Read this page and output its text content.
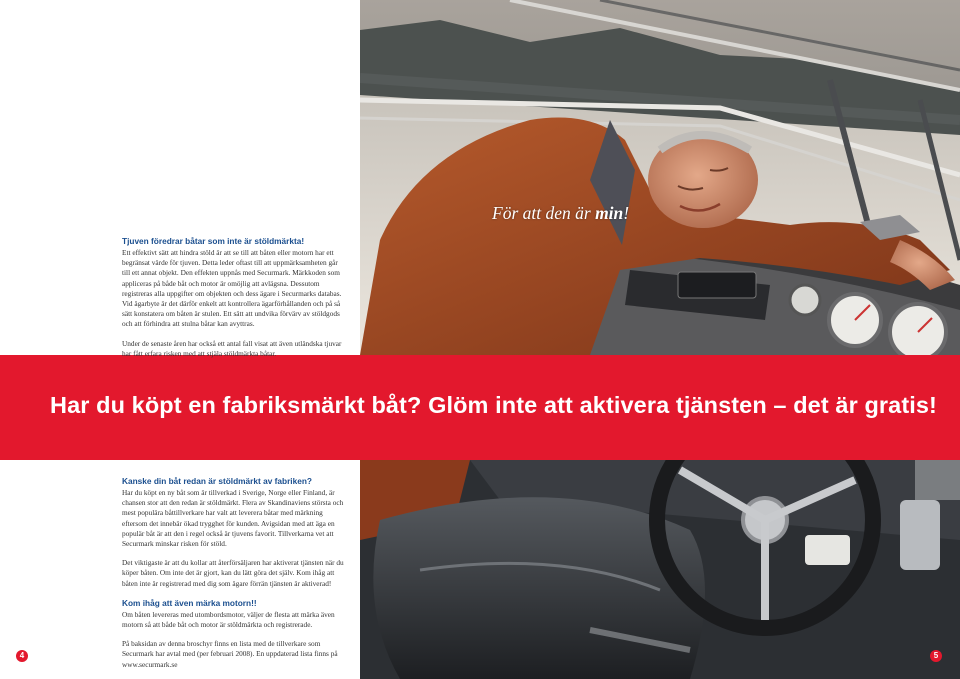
För att den är min!

Har du köpt en fabriksmärkt båt? Glöm inte att aktivera tjänsten – det är gratis!
Tjuven föredrar båtar som inte är stöldmärkta!

Ett effektivt sätt att hindra stöld är att se till att båten eller motorn har ett begränsat värde för tjuven. Detta leder oftast till att uppmärksamheten går till ett annat objekt. Den effekten uppnås med Securmark. Märkkoden som appliceras på både båt och motor är omöjlig att avlägsna. Dessutom registreras alla uppgifter om objekten och dess ägare i Securmarks databas. Vid ägarbyte är det därför enkelt att kontrollera ägarförhållanden och på så sätt konstatera om båten är stulen. Ett sätt att undvika förvärv av stöldgods och att förhindra att stulna båtar kan avyttras.

Under de senaste åren har också ett antal fall visat att även utländska tjuvar har fått erfara risken med att stjäla stöldmärkta båtar.

Kanske din båt redan är stöldmärkt av fabriken?

Har du köpt en ny båt som är tillverkad i Sverige, Norge eller Finland, är chansen stor att den redan är stöldmärkt. Flera av Skandinaviens största och mest populära båttillverkare har valt att leverera båtar med märkning eftersom det innebär ökad trygghet för kunden. Avigsidan med att äga en populär båt är att den i regel också är tjuvens favorit. Tillverkarna vet att Securmark minskar risken för stöld.

Det viktigaste är att du kollar att återförsäljaren har aktiverat tjänsten när du köper båten. Om inte det är gjort, kan du lätt göra det själv. Kom ihåg att båten inte är registrerad med dig som ägare förrän tjänsten är aktiverad!

Kom ihåg att även märka motorn!!

Om båten levereras med utombordsmotor, väljer de flesta att märka även motorn så att både båt och motor är stöldmärkta och registrerade.

På baksidan av denna broschyr finns en lista med de tillverkare som Securmark har avtal med (per februari 2008). En uppdaterad lista finns på www.securmark.se

4	5
